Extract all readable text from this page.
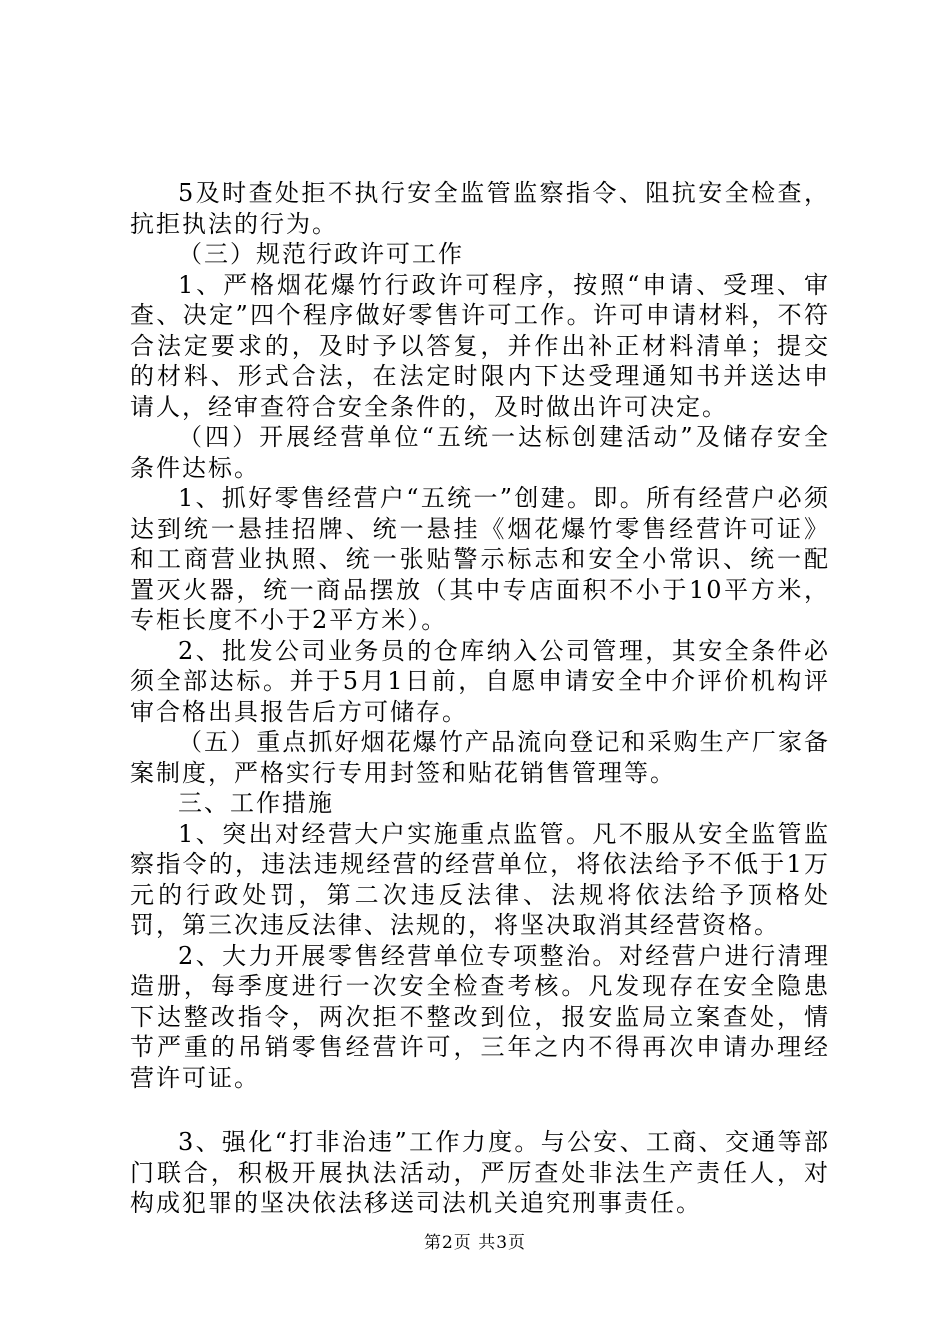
5及时查处拒不执行安全监管监察指令、阻抗安全检查，抗拒执法的行为。

（三）规范行政许可工作

1、严格烟花爆竹行政许可程序，按照“申请、受理、审查、决定”四个程序做好零售许可工作。许可申请材料，不符合法定要求的，及时予以答复，并作出补正材料清单；提交的材料、形式合法，在法定时限内下达受理通知书并送达申请人，经审查符合安全条件的，及时做出许可决定。

（四）开展经营单位“五统一达标创建活动”及储存安全条件达标。

1、抓好零售经营户“五统一”创建。即。所有经营户必须达到统一悬挂招牌、统一悬挂《烟花爆竹零售经营许可证》和工商营业执照、统一张贴警示标志和安全小常识、统一配置灭火器，统一商品摆放（其中专店面积不小于10平方米，专柜长度不小于2平方米）。

2、批发公司业务员的仓库纳入公司管理，其安全条件必须全部达标。并于5月1日前，自愿申请安全中介评价机构评审合格出具报告后方可储存。

（五）重点抓好烟花爆竹产品流向登记和采购生产厂家备案制度，严格实行专用封签和贴花销售管理等。

三、工作措施

1、突出对经营大户实施重点监管。凡不服从安全监管监察指令的，违法违规经营的经营单位，将依法给予不低于1万元的行政处罚，第二次违反法律、法规将依法给予顶格处罚，第三次违反法律、法规的，将坚决取消其经营资格。

2、大力开展零售经营单位专项整治。对经营户进行清理造册，每季度进行一次安全检查考核。凡发现存在安全隐患下达整改指令，两次拒不整改到位，报安监局立案查处，情节严重的吊销零售经营许可，三年之内不得再次申请办理经营许可证。

3、强化“打非治违”工作力度。与公安、工商、交通等部门联合，积极开展执法活动，严厉查处非法生产责任人，对构成犯罪的坚决依法移送司法机关追究刑事责任。

第2页 共3页
